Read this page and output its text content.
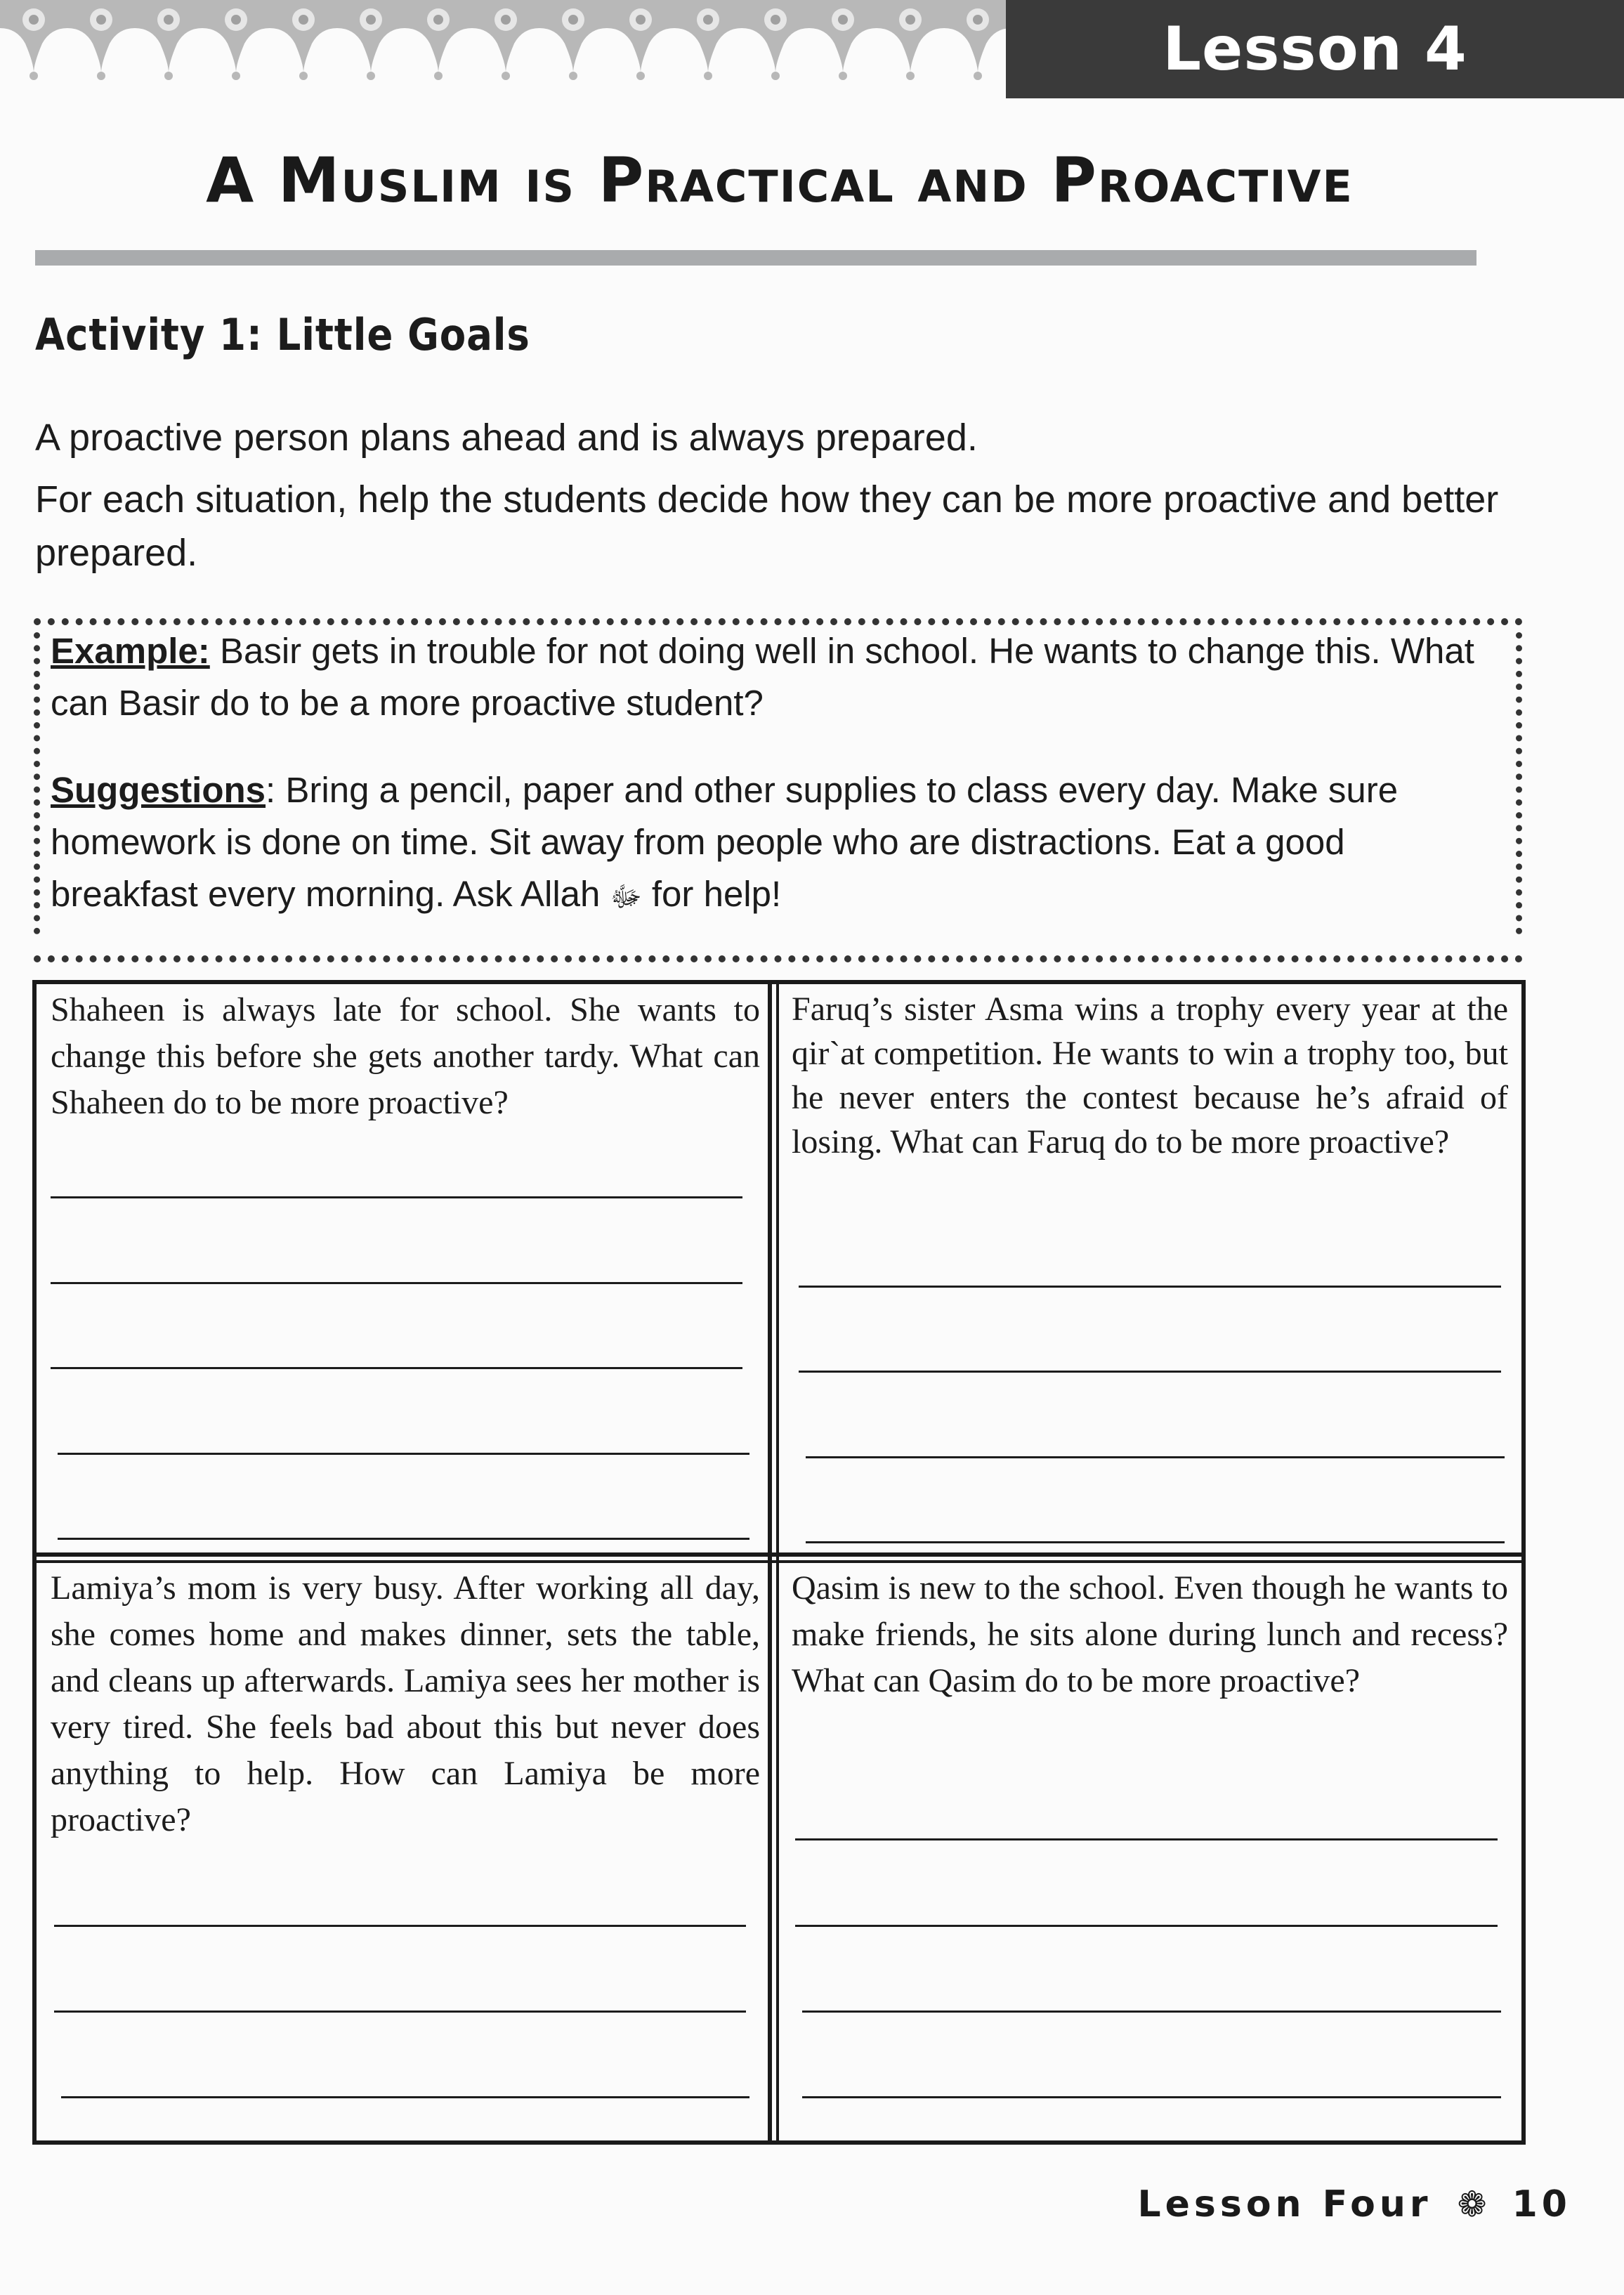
Lesson 4
A Muslim is Practical and Proactive
Activity 1: Little Goals

A proactive person plans ahead and is always prepared.

For each situation, help the students decide how they can be more proactive and better prepared.

Example: Basir gets in trouble for not doing well in school. He wants to change this. What can Basir do to be a more proactive student?

Suggestions: Bring a pencil, paper and other supplies to class every day. Make sure homework is done on time. Sit away from people who are distractions. Eat a good breakfast every morning. Ask Allah ﷻ for help!

Shaheen is always late for school. She wants to change this before she gets another tardy. What can Shaheen do to be more proactive?
Faruq’s sister Asma wins a trophy every year at the qir`at competition. He wants to win a trophy too, but he never enters the contest because he’s afraid of losing. What can Faruq do to be more proactive?
Lamiya’s mom is very busy. After working all day, she comes home and makes dinner, sets the table, and cleans up afterwards. Lamiya sees her mother is very tired. She feels bad about this but never does anything to help. How can Lamiya be more proactive?
Qasim is new to the school. Even though he wants to make friends, he sits alone during lunch and recess? What can Qasim do to be more proactive?
Lesson Four ❁ 10
